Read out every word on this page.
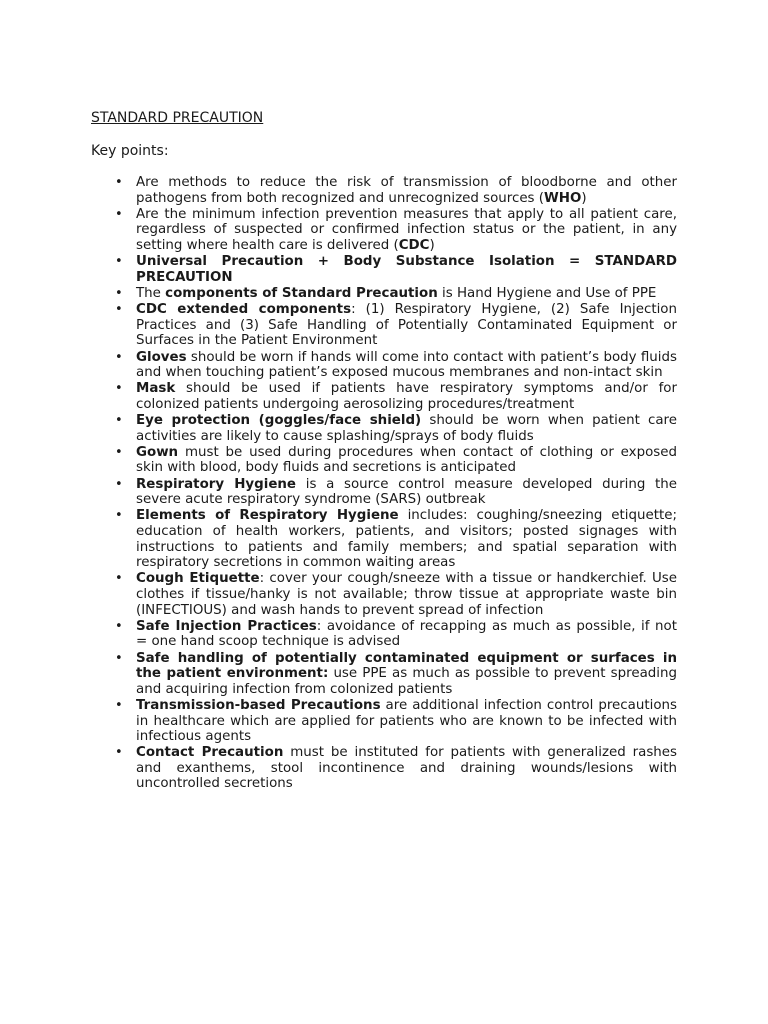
STANDARD PRECAUTION

Key points:

• Are methods to reduce the risk of transmission of bloodborne and other pathogens from both recognized and unrecognized sources (WHO)
• Are the minimum infection prevention measures that apply to all patient care, regardless of suspected or confirmed infection status or the patient, in any setting where health care is delivered (CDC)
• Universal Precaution + Body Substance Isolation = STANDARD PRECAUTION
• The components of Standard Precaution is Hand Hygiene and Use of PPE
• CDC extended components: (1) Respiratory Hygiene, (2) Safe Injection Practices and (3) Safe Handling of Potentially Contaminated Equipment or Surfaces in the Patient Environment
• Gloves should be worn if hands will come into contact with patient’s body fluids and when touching patient’s exposed mucous membranes and non-intact skin
• Mask should be used if patients have respiratory symptoms and/or for colonized patients undergoing aerosolizing procedures/treatment
• Eye protection (goggles/face shield) should be worn when patient care activities are likely to cause splashing/sprays of body fluids
• Gown must be used during procedures when contact of clothing or exposed skin with blood, body fluids and secretions is anticipated
• Respiratory Hygiene is a source control measure developed during the severe acute respiratory syndrome (SARS) outbreak
• Elements of Respiratory Hygiene includes: coughing/sneezing etiquette; education of health workers, patients, and visitors; posted signages with instructions to patients and family members; and spatial separation with respiratory secretions in common waiting areas
• Cough Etiquette: cover your cough/sneeze with a tissue or handkerchief. Use clothes if tissue/hanky is not available; throw tissue at appropriate waste bin (INFECTIOUS) and wash hands to prevent spread of infection
• Safe Injection Practices: avoidance of recapping as much as possible, if not = one hand scoop technique is advised
• Safe handling of potentially contaminated equipment or surfaces in the patient environment: use PPE as much as possible to prevent spreading and acquiring infection from colonized patients
• Transmission-based Precautions are additional infection control precautions in healthcare which are applied for patients who are known to be infected with infectious agents
• Contact Precaution must be instituted for patients with generalized rashes and exanthems, stool incontinence and draining wounds/lesions with uncontrolled secretions
